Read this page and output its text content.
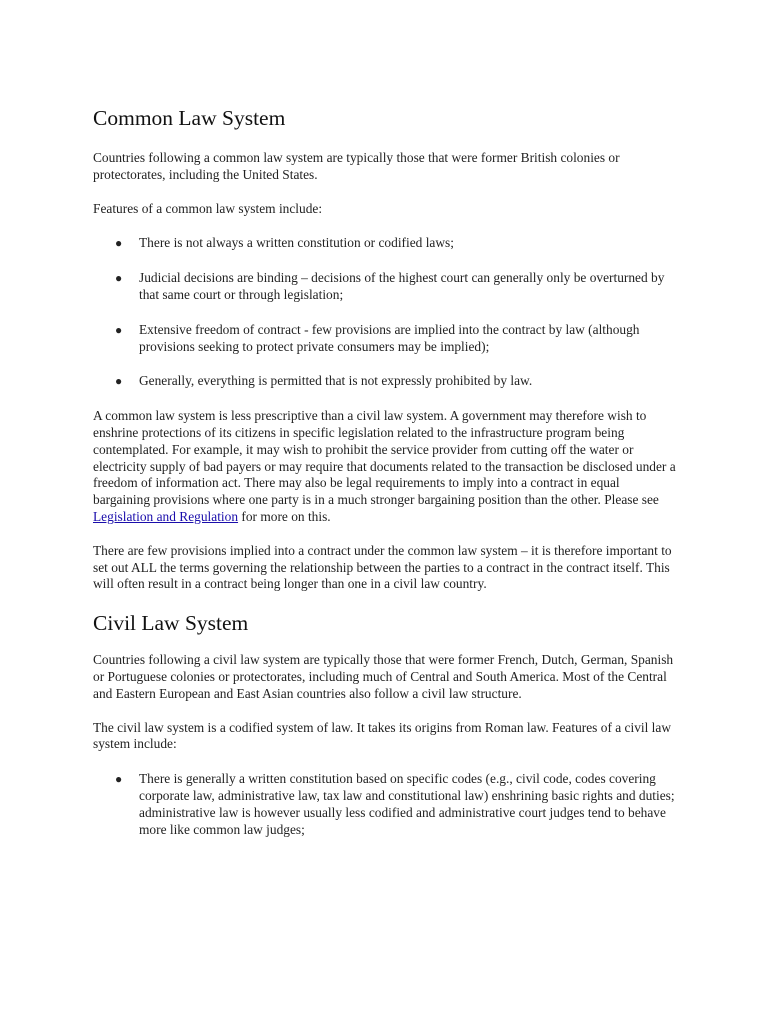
Common Law System

Countries following a common law system are typically those that were former British colonies or protectorates, including the United States.

Features of a common law system include:

● There is not always a written constitution or codified laws;
● Judicial decisions are binding – decisions of the highest court can generally only be overturned by that same court or through legislation;
● Extensive freedom of contract - few provisions are implied into the contract by law (although provisions seeking to protect private consumers may be implied);
● Generally, everything is permitted that is not expressly prohibited by law.

A common law system is less prescriptive than a civil law system. A government may therefore wish to enshrine protections of its citizens in specific legislation related to the infrastructure program being contemplated. For example, it may wish to prohibit the service provider from cutting off the water or electricity supply of bad payers or may require that documents related to the transaction be disclosed under a freedom of information act. There may also be legal requirements to imply into a contract in equal bargaining provisions where one party is in a much stronger bargaining position than the other. Please see Legislation and Regulation for more on this.

There are few provisions implied into a contract under the common law system – it is therefore important to set out ALL the terms governing the relationship between the parties to a contract in the contract itself. This will often result in a contract being longer than one in a civil law country.

Civil Law System

Countries following a civil law system are typically those that were former French, Dutch, German, Spanish or Portuguese colonies or protectorates, including much of Central and South America. Most of the Central and Eastern European and East Asian countries also follow a civil law structure.

The civil law system is a codified system of law. It takes its origins from Roman law. Features of a civil law system include:

● There is generally a written constitution based on specific codes (e.g., civil code, codes covering corporate law, administrative law, tax law and constitutional law) enshrining basic rights and duties; administrative law is however usually less codified and administrative court judges tend to behave more like common law judges;
